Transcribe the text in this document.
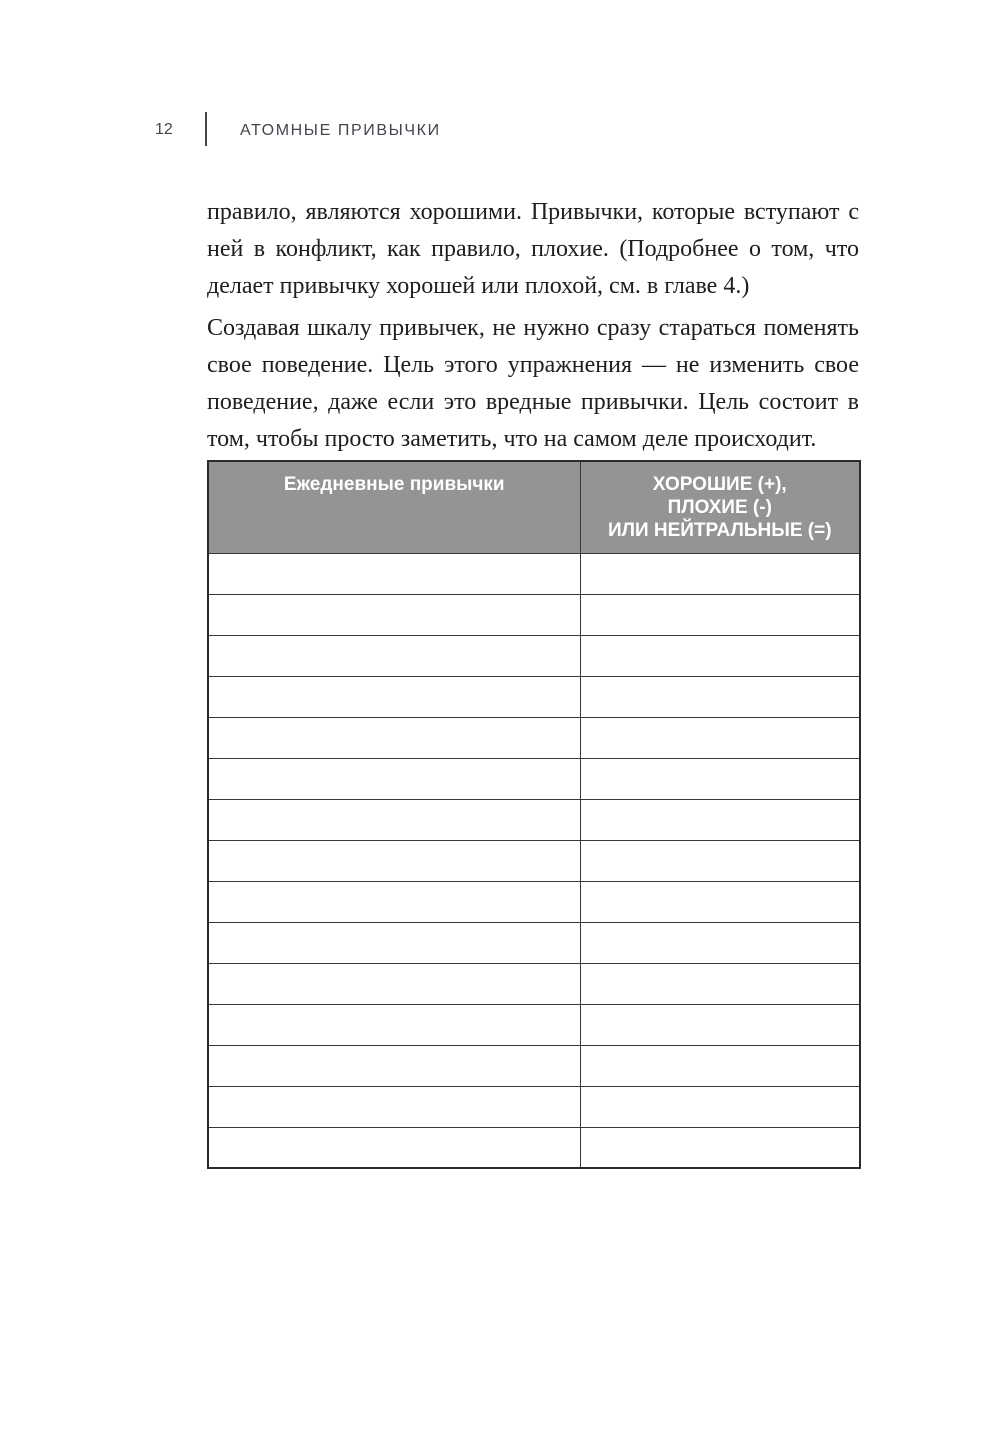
12	АТОМНЫЕ ПРИВЫЧКИ

правило, являются хорошими. Привычки, которые вступают с ней в конфликт, как правило, плохие. (Подробнее о том, что делает привычку хорошей или плохой, см. в главе 4.)

Создавая шкалу привычек, не нужно сразу стараться поменять свое поведение. Цель этого упражнения — не изменить свое поведение, даже если это вредные привычки. Цель состоит в том, чтобы просто заметить, что на самом деле происходит.

Ежедневные привычки	ХОРОШИЕ (+),
ПЛОХИЕ (-)
ИЛИ НЕЙТРАЛЬНЫЕ (=)
